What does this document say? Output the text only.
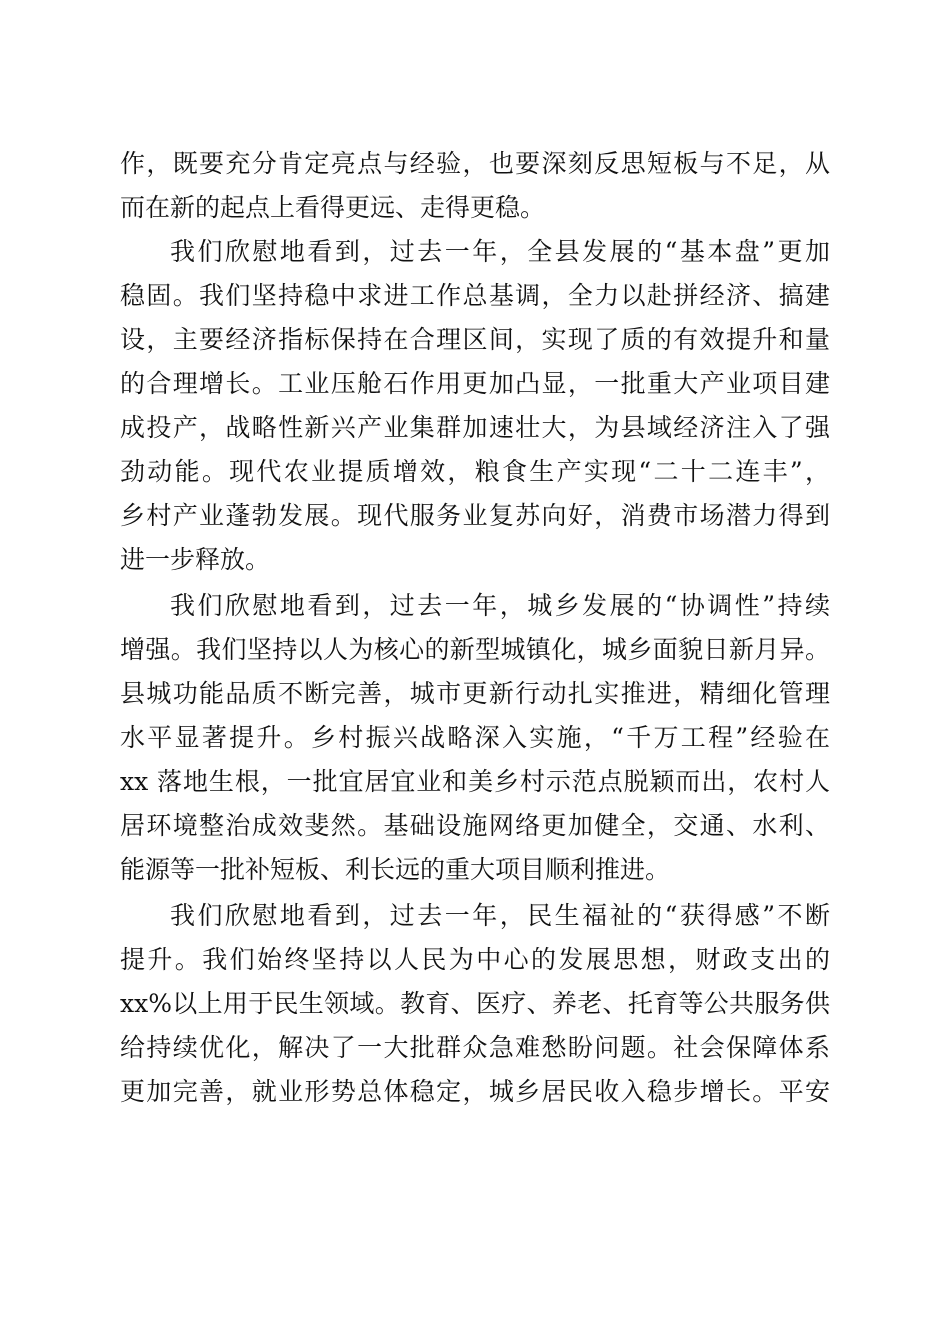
作，既要充分肯定亮点与经验，也要深刻反思短板与不足，从

而在新的起点上看得更远、走得更稳。

我们欣慰地看到，过去一年，全县发展的“基本盘”更加

稳固。我们坚持稳中求进工作总基调，全力以赴拼经济、搞建

设，主要经济指标保持在合理区间，实现了质的有效提升和量

的合理增长。工业压舱石作用更加凸显，一批重大产业项目建

成投产，战略性新兴产业集群加速壮大，为县域经济注入了强

劲动能。现代农业提质增效，粮食生产实现“二十二连丰”，

乡村产业蓬勃发展。现代服务业复苏向好，消费市场潜力得到

进一步释放。

我们欣慰地看到，过去一年，城乡发展的“协调性”持续

增强。我们坚持以人为核心的新型城镇化，城乡面貌日新月异。

县城功能品质不断完善，城市更新行动扎实推进，精细化管理

水平显著提升。乡村振兴战略深入实施，“千万工程”经验在

xx 落地生根，一批宜居宜业和美乡村示范点脱颖而出，农村人

居环境整治成效斐然。基础设施网络更加健全，交通、水利、

能源等一批补短板、利长远的重大项目顺利推进。

我们欣慰地看到，过去一年，民生福祉的“获得感”不断

提升。我们始终坚持以人民为中心的发展思想，财政支出的

xx%以上用于民生领域。教育、医疗、养老、托育等公共服务供

给持续优化，解决了一大批群众急难愁盼问题。社会保障体系

更加完善，就业形势总体稳定，城乡居民收入稳步增长。平安
